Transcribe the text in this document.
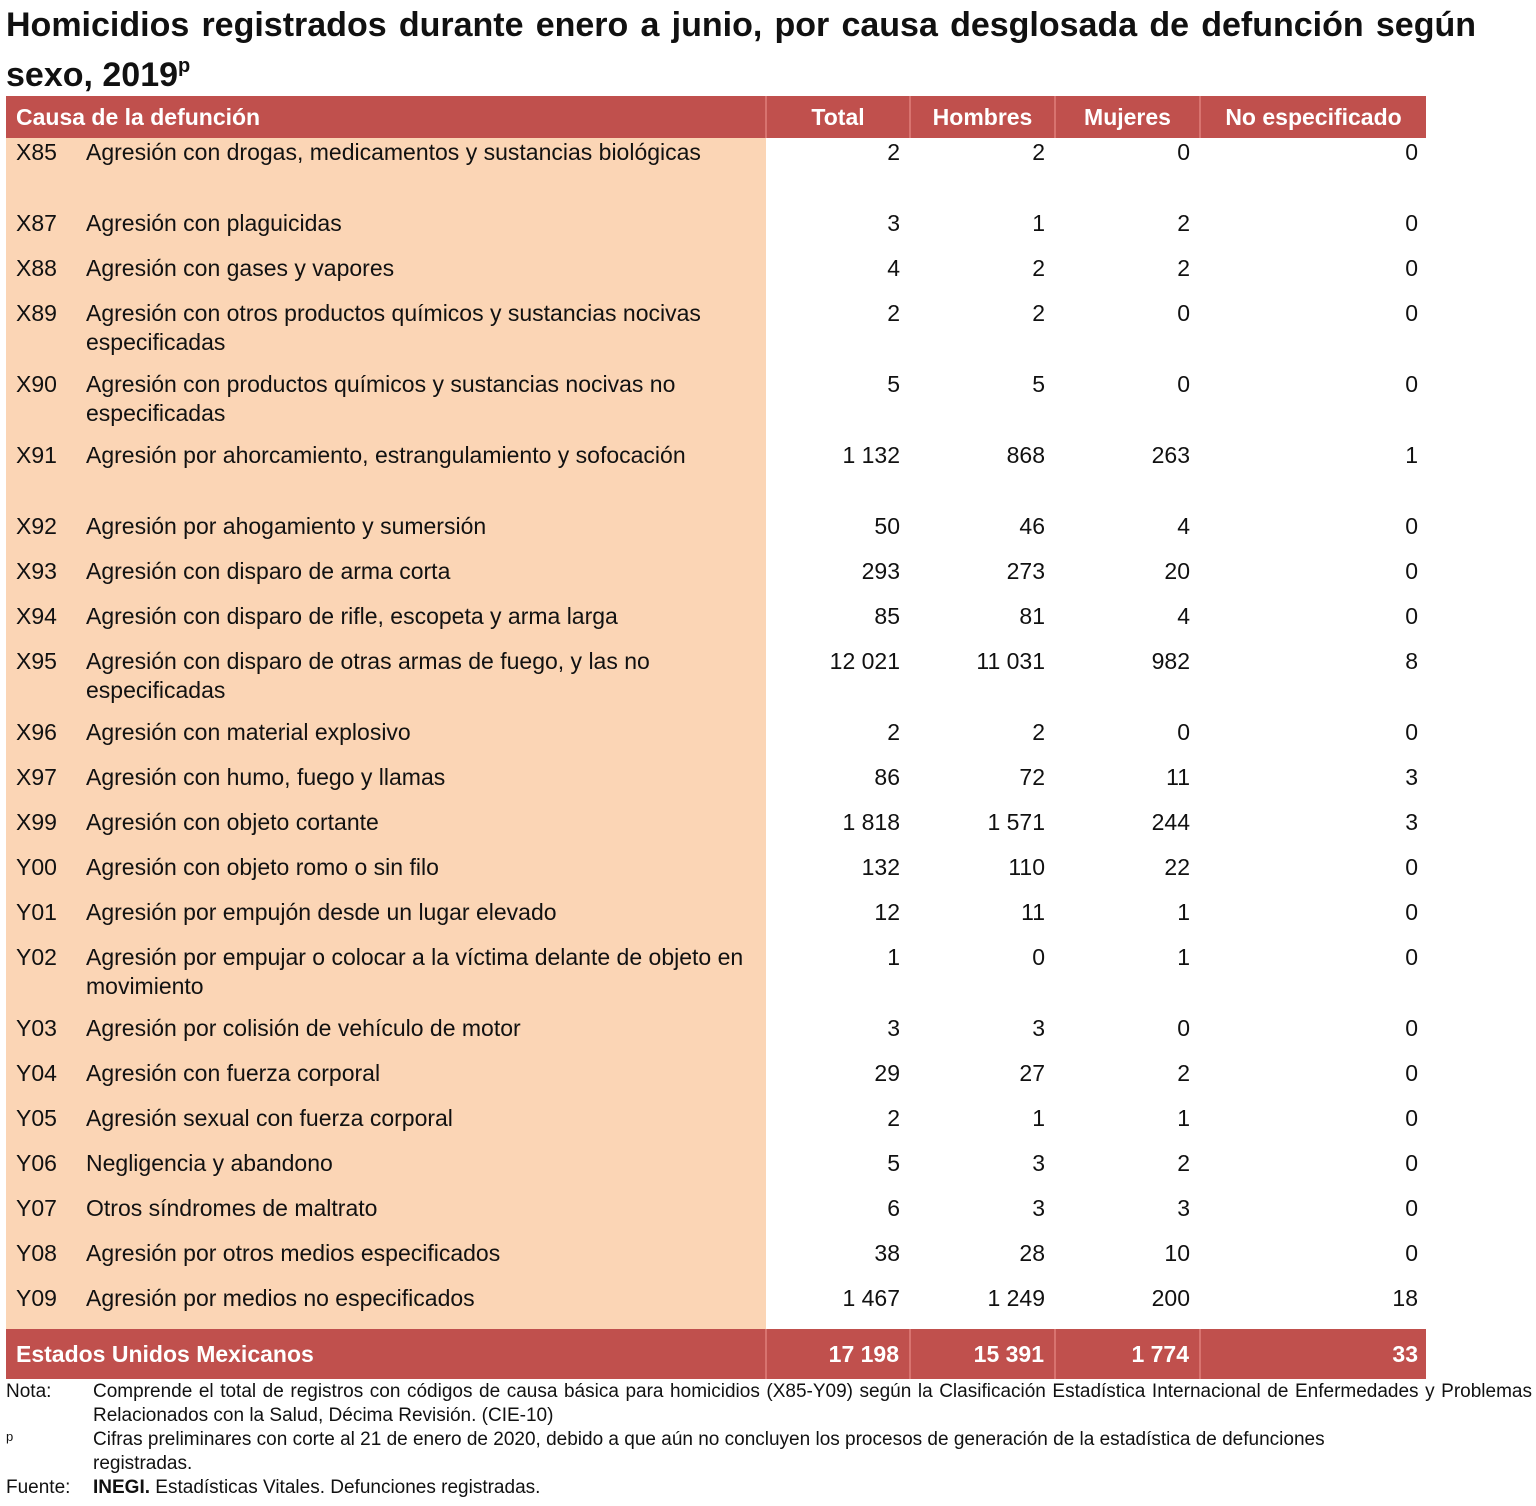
Homicidios registrados durante enero a junio, por causa desglosada de defunción según sexo, 2019$^p$
Causa de la defunción		Total	Hombres	Mujeres	No especificado
X85	Agresión con drogas, medicamentos y sustancias biológicas	2	2	0	0
X87	Agresión con plaguicidas	3	1	2	0
X88	Agresión con gases y vapores	4	2	2	0
X89	Agresión con otros productos químicos y sustancias nocivas especificadas	2	2	0	0
X90	Agresión con productos químicos y sustancias nocivas no especificadas	5	5	0	0
X91	Agresión por ahorcamiento, estrangulamiento y sofocación	1 132	868	263	1
X92	Agresión por ahogamiento y sumersión	50	46	4	0
X93	Agresión con disparo de arma corta	293	273	20	0
X94	Agresión con disparo de rifle, escopeta y arma larga	85	81	4	0
X95	Agresión con disparo de otras armas de fuego, y las no especificadas	12 021	11 031	982	8
X96	Agresión con material explosivo	2	2	0	0
X97	Agresión con humo, fuego y llamas	86	72	11	3
X99	Agresión con objeto cortante	1 818	1 571	244	3
Y00	Agresión con objeto romo o sin filo	132	110	22	0
Y01	Agresión por empujón desde un lugar elevado	12	11	1	0
Y02	Agresión por empujar o colocar a la víctima delante de objeto en movimiento	1	0	1	0
Y03	Agresión por colisión de vehículo de motor	3	3	0	0
Y04	Agresión con fuerza corporal	29	27	2	0
Y05	Agresión sexual con fuerza corporal	2	1	1	0
Y06	Negligencia y abandono	5	3	2	0
Y07	Otros síndromes de maltrato	6	3	3	0
Y08	Agresión por otros medios especificados	38	28	10	0
Y09	Agresión por medios no especificados	1 467	1 249	200	18
Estados Unidos Mexicanos		17 198	15 391	1 774	33
Nota:	Comprende el total de registros con códigos de causa básica para homicidios (X85-Y09) según la Clasificación Estadística Internacional de Enfermedades y Problemas Relacionados con la Salud, Décima Revisión. (CIE-10)
p	Cifras preliminares con corte al 21 de enero de 2020, debido a que aún no concluyen los procesos de generación de la estadística de defunciones registradas.
Fuente:	INEGI. Estadísticas Vitales. Defunciones registradas.
